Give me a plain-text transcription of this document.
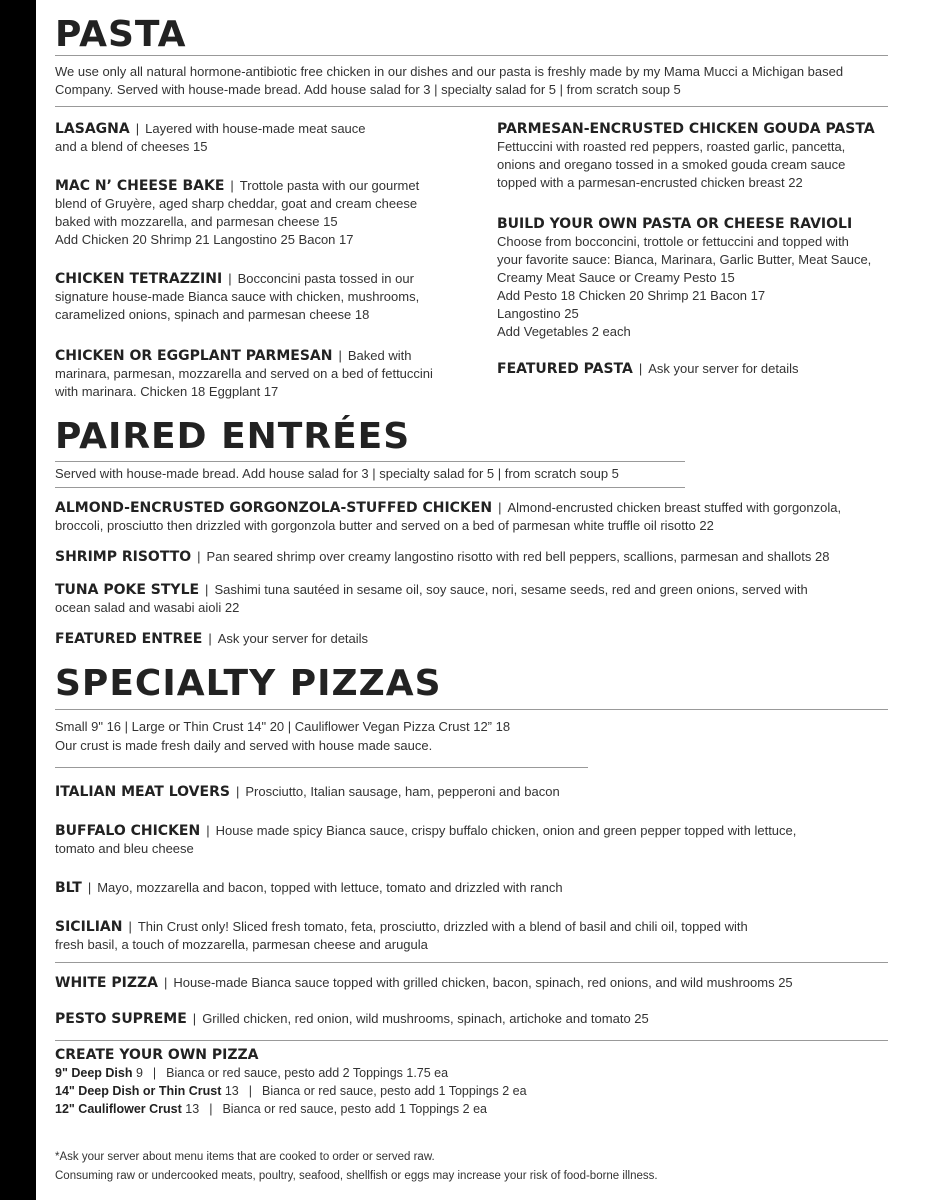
PASTA
We use only all natural hormone-antibiotic free chicken in our dishes and our pasta is freshly made by my Mama Mucci a Michigan based Company. Served with house-made bread. Add house salad for 3 | specialty salad for 5 | from scratch soup 5
LASAGNA | Layered with house-made meat sauce
and a blend of cheeses 15
MAC N’ CHEESE BAKE | Trottole pasta with our gourmet
blend of Gruyère, aged sharp cheddar, goat and cream cheese
baked with mozzarella, and parmesan cheese 15
Add Chicken 20 Shrimp 21 Langostino 25 Bacon 17
CHICKEN TETRAZZINI | Bocconcini pasta tossed in our
signature house-made Bianca sauce with chicken, mushrooms,
caramelized onions, spinach and parmesan cheese 18
CHICKEN OR EGGPLANT PARMESAN | Baked with
marinara, parmesan, mozzarella and served on a bed of fettuccini
with marinara. Chicken 18 Eggplant 17
PARMESAN-ENCRUSTED CHICKEN GOUDA PASTA
Fettuccini with roasted red peppers, roasted garlic, pancetta,
onions and oregano tossed in a smoked gouda cream sauce
topped with a parmesan-encrusted chicken breast 22
BUILD YOUR OWN PASTA OR CHEESE RAVIOLI
Choose from bocconcini, trottole or fettuccini and topped with
your favorite sauce: Bianca, Marinara, Garlic Butter, Meat Sauce,
Creamy Meat Sauce or Creamy Pesto 15
Add Pesto 18 Chicken 20 Shrimp 21 Bacon 17
Langostino 25
Add Vegetables 2 each
FEATURED PASTA | Ask your server for details
PAIRED ENTRÉES
Served with house-made bread. Add house salad for 3 | specialty salad for 5 | from scratch soup 5
ALMOND-ENCRUSTED GORGONZOLA-STUFFED CHICKEN | Almond-encrusted chicken breast stuffed with gorgonzola,
broccoli, prosciutto then drizzled with gorgonzola butter and served on a bed of parmesan white truffle oil risotto 22
SHRIMP RISOTTO | Pan seared shrimp over creamy langostino risotto with red bell peppers, scallions, parmesan and shallots 28
TUNA POKE STYLE | Sashimi tuna sautéed in sesame oil, soy sauce, nori, sesame seeds, red and green onions, served with
ocean salad and wasabi aioli 22
FEATURED ENTREE | Ask your server for details
SPECIALTY PIZZAS
Small 9" 16 | Large or Thin Crust 14" 20 | Cauliflower Vegan Pizza Crust 12” 18
Our crust is made fresh daily and served with house made sauce.
ITALIAN MEAT LOVERS | Prosciutto, Italian sausage, ham, pepperoni and bacon
BUFFALO CHICKEN | House made spicy Bianca sauce, crispy buffalo chicken, onion and green pepper topped with lettuce,
tomato and bleu cheese
BLT | Mayo, mozzarella and bacon, topped with lettuce, tomato and drizzled with ranch
SICILIAN | Thin Crust only! Sliced fresh tomato, feta, prosciutto, drizzled with a blend of basil and chili oil, topped with
fresh basil, a touch of mozzarella, parmesan cheese and arugula
WHITE PIZZA | House-made Bianca sauce topped with grilled chicken, bacon, spinach, red onions, and wild mushrooms 25
PESTO SUPREME | Grilled chicken, red onion, wild mushrooms, spinach, artichoke and tomato 25
CREATE YOUR OWN PIZZA
9" Deep Dish 9 | Bianca or red sauce, pesto add 2 Toppings 1.75 ea
14" Deep Dish or Thin Crust 13 | Bianca or red sauce, pesto add 1 Toppings 2 ea
12" Cauliflower Crust 13 | Bianca or red sauce, pesto add 1 Toppings 2 ea
*Ask your server about menu items that are cooked to order or served raw.
Consuming raw or undercooked meats, poultry, seafood, shellfish or eggs may increase your risk of food-borne illness.
